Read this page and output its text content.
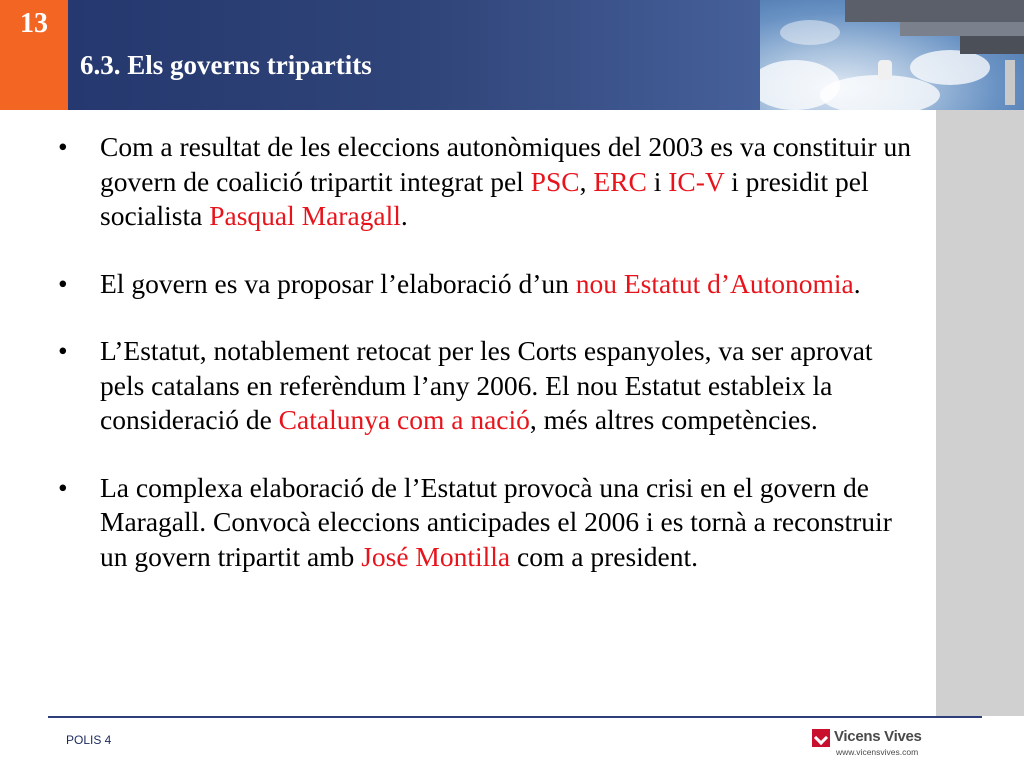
13
6.3. Els governs tripartits
• Com a resultat de les eleccions autonòmiques del 2003 es va constituir un govern de coalició tripartit integrat pel PSC, ERC i IC-V i presidit pel socialista Pasqual Maragall.
• El govern es va proposar l’elaboració d’un nou Estatut d’Autonomia.
• L’Estatut, notablement retocat per les Corts espanyoles, va ser aprovat pels catalans en referèndum l’any 2006. El nou Estatut estableix la consideració de Catalunya com a nació, més altres competències.
• La complexa elaboració de l’Estatut provocà una crisi en el govern de Maragall. Convocà eleccions anticipades el 2006 i es tornà a reconstruir un govern tripartit amb José Montilla com a president.
POLIS 4	Vicens Vives
www.vicensvives.com
